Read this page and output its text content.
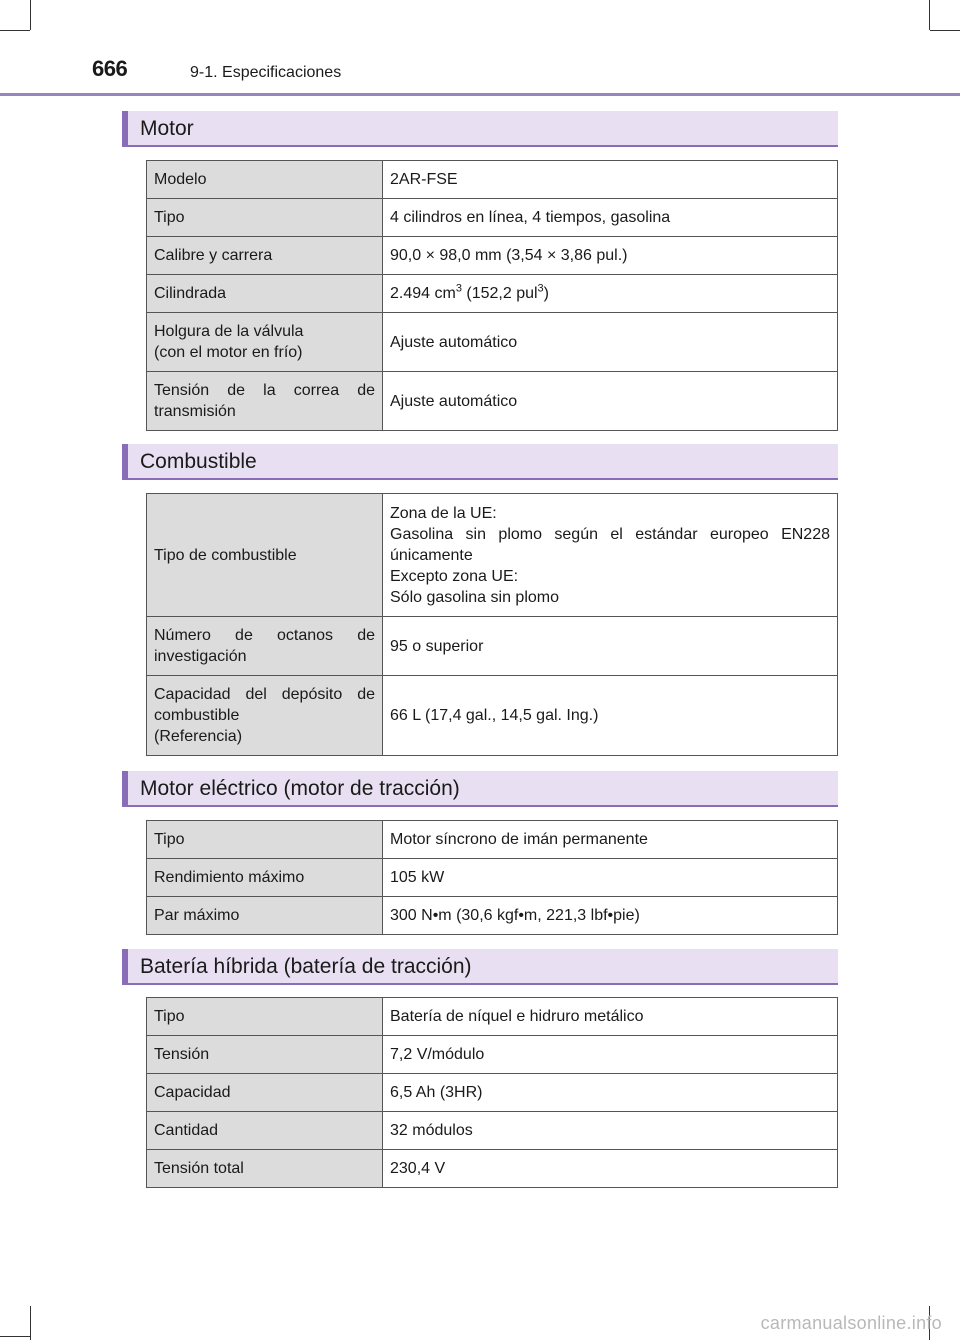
666	9-1. Especificaciones
Motor
Modelo	2AR-FSE
Tipo	4 cilindros en línea, 4 tiempos, gasolina
Calibre y carrera	90,0 × 98,0 mm (3,54 × 3,86 pul.)
Cilindrada	2.494 $cm^3$ (152,2 pul$^3$)

Holgura de la válvula
(con el motor en frío)	Ajuste automático
Tensión de la correa de transmisión	Ajuste automático
Combustible
Tipo de combustible	Zona de la UE:
Gasolina sin plomo según el estándar europeo EN228 únicamente
Excepto zona UE:
Sólo gasolina sin plomo

Número de octanos de investigación	95 o superior

Capacidad del depósito de combustible
(Referencia)	66 L (17,4 gal., 14,5 gal. Ing.)
Motor eléctrico (motor de tracción)
Tipo	Motor síncrono de imán permanente
Rendimiento máximo	105 kW
Par máximo	300 N•m (30,6 kgf•m, 221,3 lbf•pie)
Batería híbrida (batería de tracción)
Tipo	Batería de níquel e hidruro metálico
Tensión	7,2 V/módulo
Capacidad	6,5 Ah (3HR)
Cantidad	32 módulos
Tensión total	230,4 V
carmanualsonline.info
